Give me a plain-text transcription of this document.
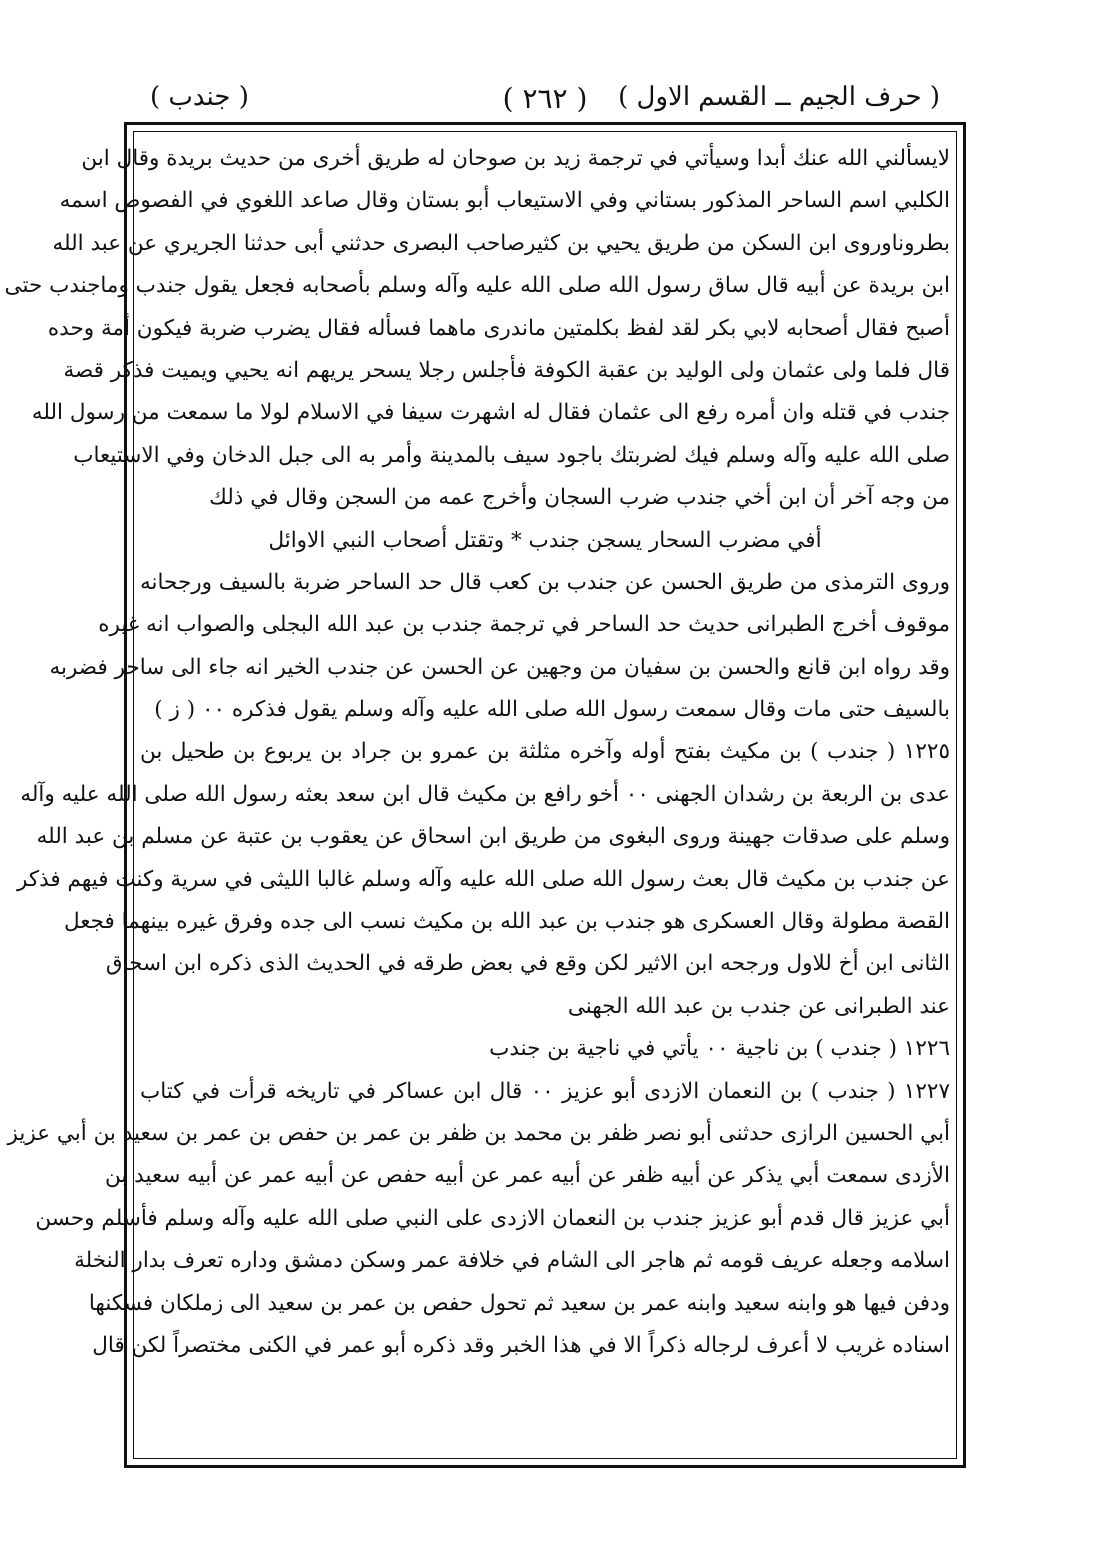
( حرف الجيم ــ القسم الاول )
( ٢٦٢ )
( جندب )
لايسألني الله عنك أبدا وسيأتي في ترجمة زيد بن صوحان له طريق أخرى من حديث بريدة وقال ابن
الكلبي اسم الساحر المذكور بستاني وفي الاستيعاب أبو بستان وقال صاعد اللغوي في الفصوص اسمه
بطروناوروى ابن السكن من طريق يحيي بن كثيرصاحب البصرى حدثني أبى حدثنا الجريري عن عبد الله
ابن بريدة عن أبيه قال ساق رسول الله صلى الله عليه وآله وسلم بأصحابه فجعل يقول جندب وماجندب حتى
أصبح فقال أصحابه لابي بكر لقد لفظ بكلمتين ماندرى ماهما فسأله فقال يضرب ضربة فيكون أمة وحده
قال فلما ولى عثمان ولى الوليد بن عقبة الكوفة فأجلس رجلا يسحر يريهم انه يحيي ويميت فذكر قصة
جندب في قتله وان أمره رفع الى عثمان فقال له اشهرت سيفا في الاسلام لولا ما سمعت من رسول الله
صلى الله عليه وآله وسلم فيك لضربتك باجود سيف بالمدينة وأمر به الى جبل الدخان وفي الاستيعاب
من وجه آخر أن ابن أخي جندب ضرب السجان وأخرج عمه من السجن وقال في ذلك
أفي مضرب السحار يسجن جندب * وتقتل أصحاب النبي الاوائل
وروى الترمذى من طريق الحسن عن جندب بن كعب قال حد الساحر ضربة بالسيف ورجحانه
موقوف أخرج الطبرانى حديث حد الساحر في ترجمة جندب بن عبد الله البجلى والصواب انه غيره
وقد رواه ابن قانع والحسن بن سفيان من وجهين عن الحسن عن جندب الخير انه جاء الى ساحر فضربه
بالسيف حتى مات وقال سمعت رسول الله صلى الله عليه وآله وسلم يقول فذكره ٠٠ ( ز )
١٢٢٥ ( جندب ) بن مكيث بفتح أوله وآخره مثلثة بن عمرو بن جراد بن يربوع بن طحيل بن
عدى بن الربعة بن رشدان الجهنى ٠٠ أخو رافع بن مكيث قال ابن سعد بعثه رسول الله صلى الله عليه وآله
وسلم على صدقات جهينة وروى البغوى من طريق ابن اسحاق عن يعقوب بن عتبة عن مسلم بن عبد الله
عن جندب بن مكيث قال بعث رسول الله صلى الله عليه وآله وسلم غالبا الليثى في سرية وكنت فيهم فذكر
القصة مطولة وقال العسكرى هو جندب بن عبد الله بن مكيث نسب الى جده وفرق غيره بينهما فجعل
الثانى ابن أخ للاول ورجحه ابن الاثير لكن وقع في بعض طرقه في الحديث الذى ذكره ابن اسحاق
عند الطبرانى عن جندب بن عبد الله الجهنى
١٢٢٦ ( جندب ) بن ناجية ٠٠ يأتي في ناجية بن جندب
١٢٢٧ ( جندب ) بن النعمان الازدى أبو عزيز ٠٠ قال ابن عساكر في تاريخه قرأت في كتاب
أبي الحسين الرازى حدثنى أبو نصر ظفر بن محمد بن ظفر بن عمر بن حفص بن عمر بن سعيد بن أبي عزيز
الأزدى سمعت أبي يذكر عن أبيه ظفر عن أبيه عمر عن أبيه حفص عن أبيه عمر عن أبيه سعيد بن
أبي عزيز قال قدم أبو عزيز جندب بن النعمان الازدى على النبي صلى الله عليه وآله وسلم فأسلم وحسن
اسلامه وجعله عريف قومه ثم هاجر الى الشام في خلافة عمر وسكن دمشق وداره تعرف بدار النخلة
ودفن فيها هو وابنه سعيد وابنه عمر بن سعيد ثم تحول حفص بن عمر بن سعيد الى زملكان فسكنها
اسناده غريب لا أعرف لرجاله ذكراً الا في هذا الخبر وقد ذكره أبو عمر في الكنى مختصراً لكن قال
